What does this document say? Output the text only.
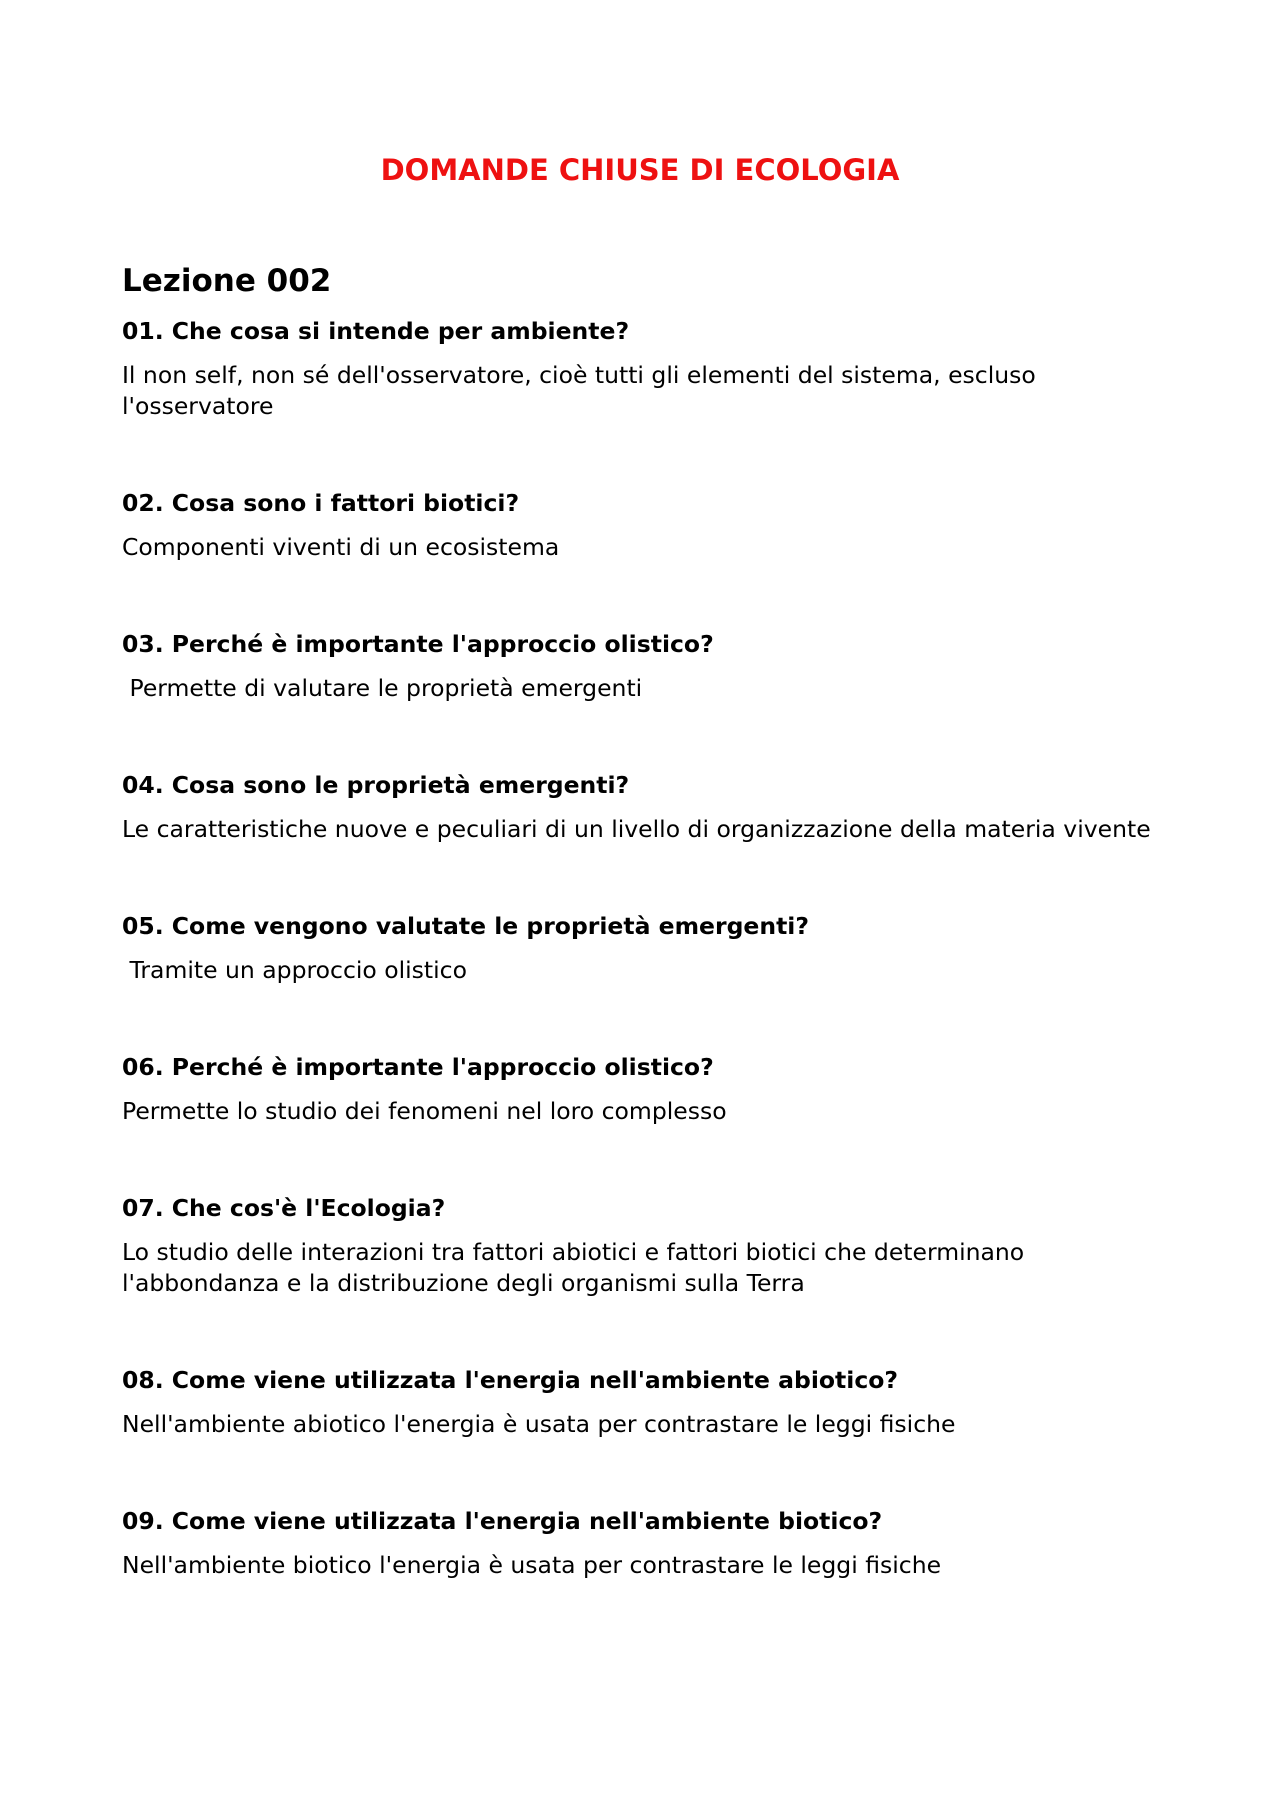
DOMANDE CHIUSE DI ECOLOGIA
Lezione 002

01. Che cosa si intende per ambiente?

Il non self, non sé dell'osservatore, cioè tutti gli elementi del sistema, escluso l'osservatore

02. Cosa sono i fattori biotici?

Componenti viventi di un ecosistema

03. Perché è importante l'approccio olistico?

Permette di valutare le proprietà emergenti

04. Cosa sono le proprietà emergenti?

Le caratteristiche nuove e peculiari di un livello di organizzazione della materia vivente

05. Come vengono valutate le proprietà emergenti?

Tramite un approccio olistico

06. Perché è importante l'approccio olistico?

Permette lo studio dei fenomeni nel loro complesso

07. Che cos'è l'Ecologia?

Lo studio delle interazioni tra fattori abiotici e fattori biotici che determinano l'abbondanza e la distribuzione degli organismi sulla Terra

08. Come viene utilizzata l'energia nell'ambiente abiotico?

Nell'ambiente abiotico l'energia è usata per contrastare le leggi fisiche

09. Come viene utilizzata l'energia nell'ambiente biotico?

Nell'ambiente biotico l'energia è usata per contrastare le leggi fisiche
